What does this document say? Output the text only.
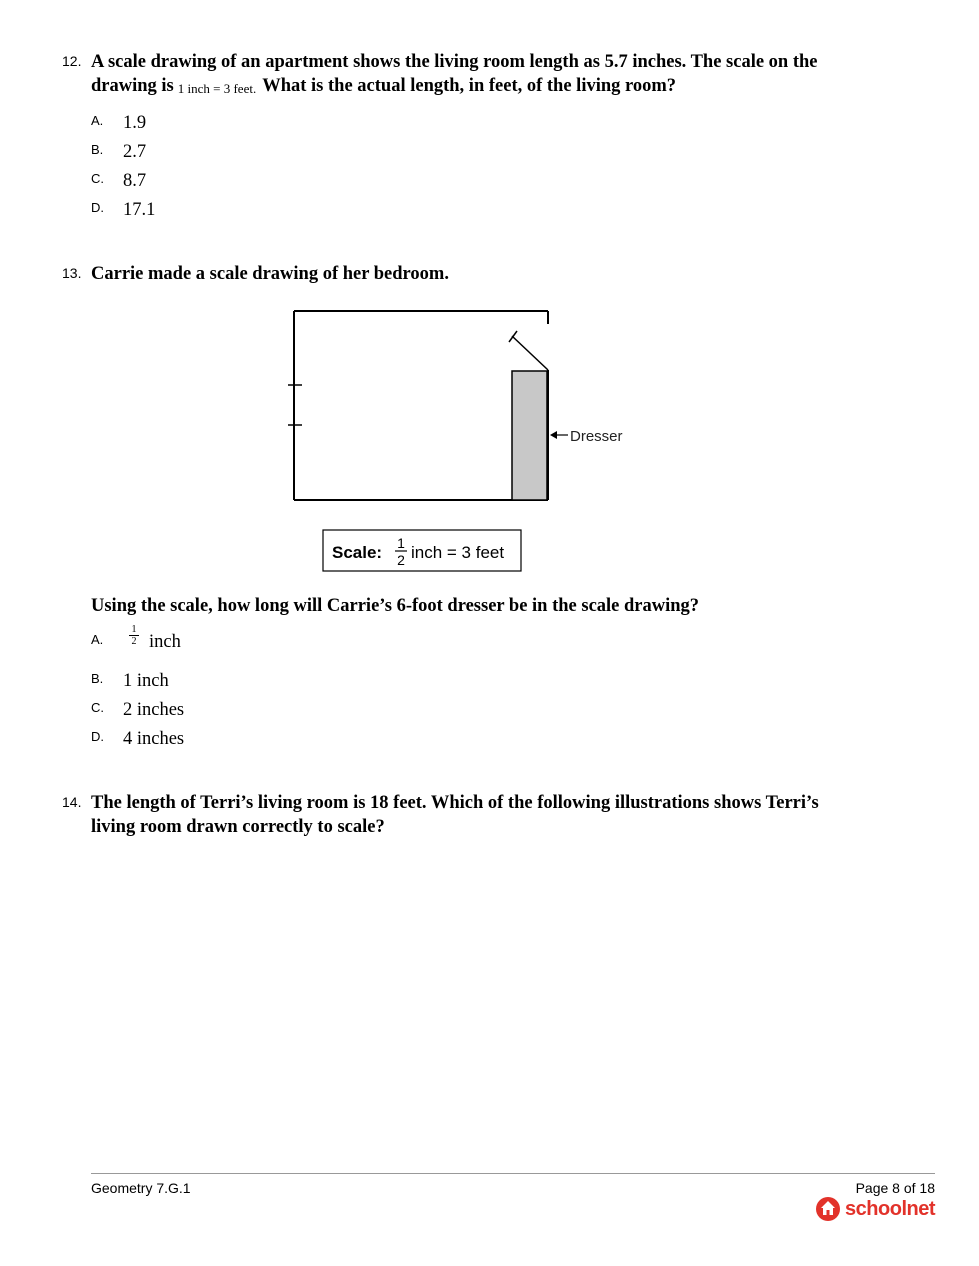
12. A scale drawing of an apartment shows the living room length as 5.7 inches. The scale on the drawing is 1 inch = 3 feet. What is the actual length, in feet, of the living room?
A. 1.9
B. 2.7
C. 8.7
D. 17.1
13. Carrie made a scale drawing of her bedroom.
Dresser
Scale: 1
2 inch = 3 feet
Using the scale, how long will Carrie’s 6-foot dresser be in the scale drawing?
A.	$\frac{1}{2}$ inch
B. 1 inch
C. 2 inches
D. 4 inches
14. The length of Terri’s living room is 18 feet. Which of the following illustrations shows Terri’s living room drawn correctly to scale?
Geometry 7.G.1	Page 8 of 18
schoolnet
